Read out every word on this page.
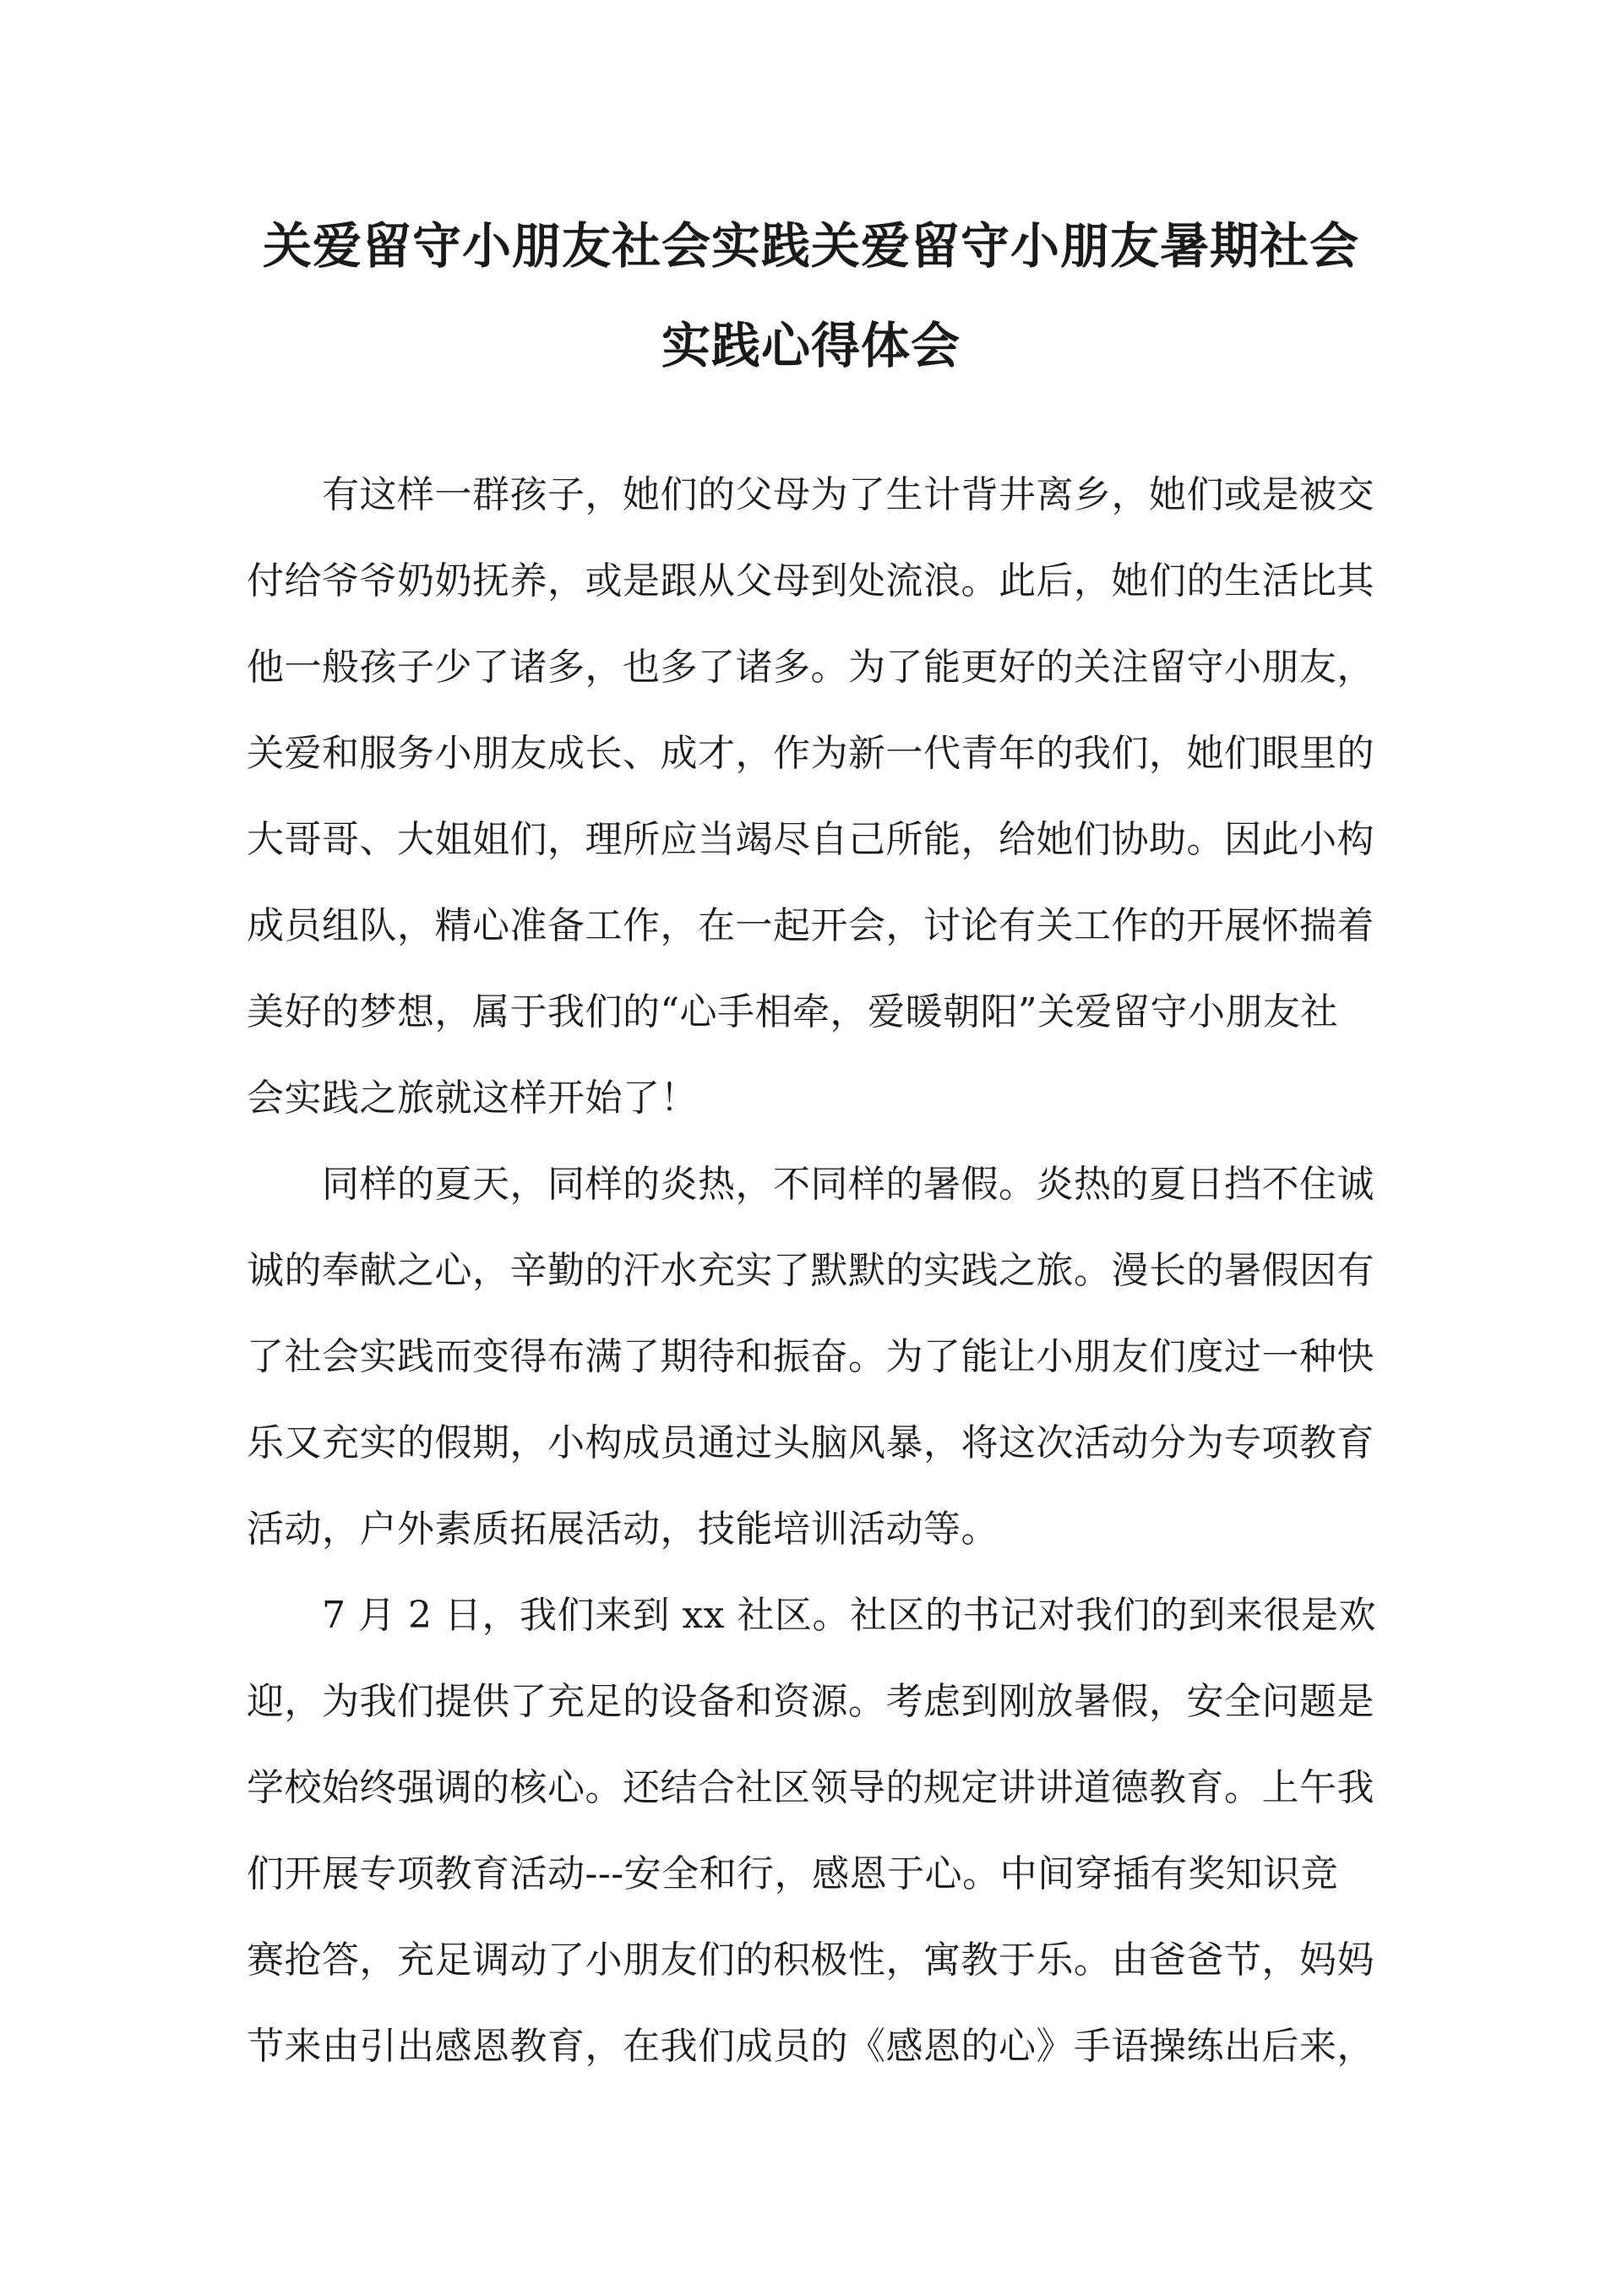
关爱留守小朋友社会实践关爱留守小朋友暑期社会
实践心得体会
　　有这样一群孩子，她们的父母为了生计背井离乡，她们或是被交
付给爷爷奶奶抚养，或是跟从父母到处流浪。此后，她们的生活比其
他一般孩子少了诸多，也多了诸多。为了能更好的关注留守小朋友，
关爱和服务小朋友成长、成才，作为新一代青年的我们，她们眼里的
大哥哥、大姐姐们，理所应当竭尽自己所能，给她们协助。因此小构
成员组队，精心准备工作，在一起开会，讨论有关工作的开展怀揣着
美好的梦想，属于我们的“心手相牵，爱暖朝阳”关爱留守小朋友社
会实践之旅就这样开始了！
　　同样的夏天，同样的炎热，不同样的暑假。炎热的夏日挡不住诚
诚的奉献之心，辛勤的汗水充实了默默的实践之旅。漫长的暑假因有
了社会实践而变得布满了期待和振奋。为了能让小朋友们度过一种快
乐又充实的假期，小构成员通过头脑风暴，将这次活动分为专项教育
活动，户外素质拓展活动，技能培训活动等。
　　7 月 2 日，我们来到 xx 社区。社区的书记对我们的到来很是欢
迎，为我们提供了充足的设备和资源。考虑到刚放暑假，安全问题是
学校始终强调的核心。还结合社区领导的规定讲讲道德教育。上午我
们开展专项教育活动---安全和行，感恩于心。中间穿插有奖知识竞
赛抢答，充足调动了小朋友们的积极性，寓教于乐。由爸爸节，妈妈
节来由引出感恩教育，在我们成员的《感恩的心》手语操练出后来，
